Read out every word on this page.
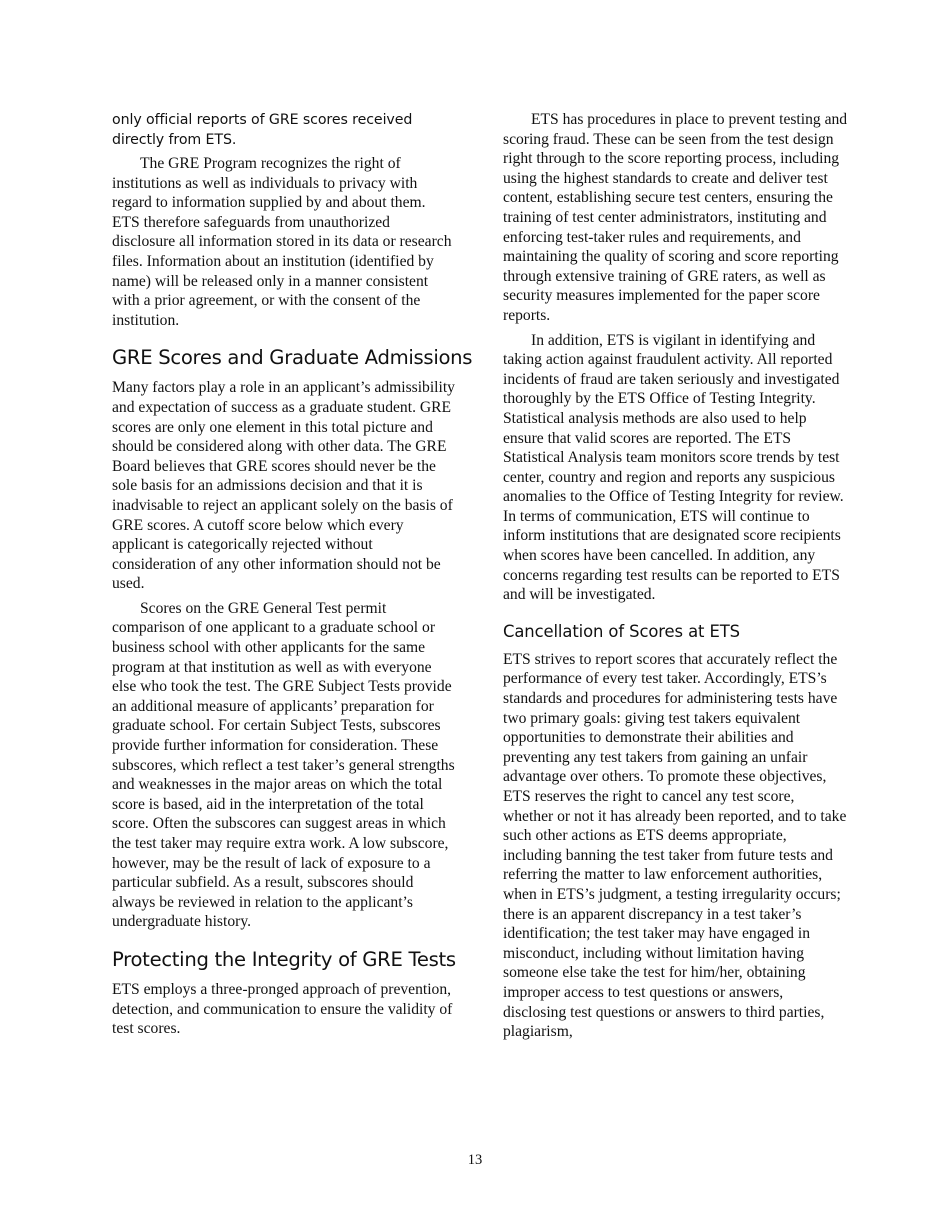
only official reports of GRE scores received directly from ETS.

The GRE Program recognizes the right of institutions as well as individuals to privacy with regard to information supplied by and about them. ETS therefore safeguards from unauthorized disclosure all information stored in its data or research files. Information about an institution (identified by name) will be released only in a manner consistent with a prior agreement, or with the consent of the institution.

GRE Scores and Graduate Admissions

Many factors play a role in an applicant’s admissibility and expectation of success as a graduate student. GRE scores are only one element in this total picture and should be considered along with other data. The GRE Board believes that GRE scores should never be the sole basis for an admissions decision and that it is inadvisable to reject an applicant solely on the basis of GRE scores. A cutoff score below which every applicant is categorically rejected without consideration of any other information should not be used.

Scores on the GRE General Test permit comparison of one applicant to a graduate school or business school with other applicants for the same program at that institution as well as with everyone else who took the test. The GRE Subject Tests provide an additional measure of applicants’ preparation for graduate school. For certain Subject Tests, subscores provide further information for consideration. These subscores, which reflect a test taker’s general strengths and weaknesses in the major areas on which the total score is based, aid in the interpretation of the total score. Often the subscores can suggest areas in which the test taker may require extra work. A low subscore, however, may be the result of lack of exposure to a particular subfield. As a result, subscores should always be reviewed in relation to the applicant’s undergraduate history.

Protecting the Integrity of GRE Tests

ETS employs a three-pronged approach of prevention, detection, and communication to ensure the validity of test scores.

ETS has procedures in place to prevent testing and scoring fraud. These can be seen from the test design right through to the score reporting process, including using the highest standards to create and deliver test content, establishing secure test centers, ensuring the training of test center administrators, instituting and enforcing test-taker rules and requirements, and maintaining the quality of scoring and score reporting through extensive training of GRE raters, as well as security measures implemented for the paper score reports.

In addition, ETS is vigilant in identifying and taking action against fraudulent activity. All reported incidents of fraud are taken seriously and investigated thoroughly by the ETS Office of Testing Integrity. Statistical analysis methods are also used to help ensure that valid scores are reported. The ETS Statistical Analysis team monitors score trends by test center, country and region and reports any suspicious anomalies to the Office of Testing Integrity for review. In terms of communication, ETS will continue to inform institutions that are designated score recipients when scores have been cancelled. In addition, any concerns regarding test results can be reported to ETS and will be investigated.

Cancellation of Scores at ETS

ETS strives to report scores that accurately reflect the performance of every test taker. Accordingly, ETS’s standards and procedures for administering tests have two primary goals: giving test takers equivalent opportunities to demonstrate their abilities and preventing any test takers from gaining an unfair advantage over others. To promote these objectives, ETS reserves the right to cancel any test score, whether or not it has already been reported, and to take such other actions as ETS deems appropriate, including banning the test taker from future tests and referring the matter to law enforcement authorities, when in ETS’s judgment, a testing irregularity occurs; there is an apparent discrepancy in a test taker’s identification; the test taker may have engaged in misconduct, including without limitation having someone else take the test for him/her, obtaining improper access to test questions or answers, disclosing test questions or answers to third parties, plagiarism,

13
